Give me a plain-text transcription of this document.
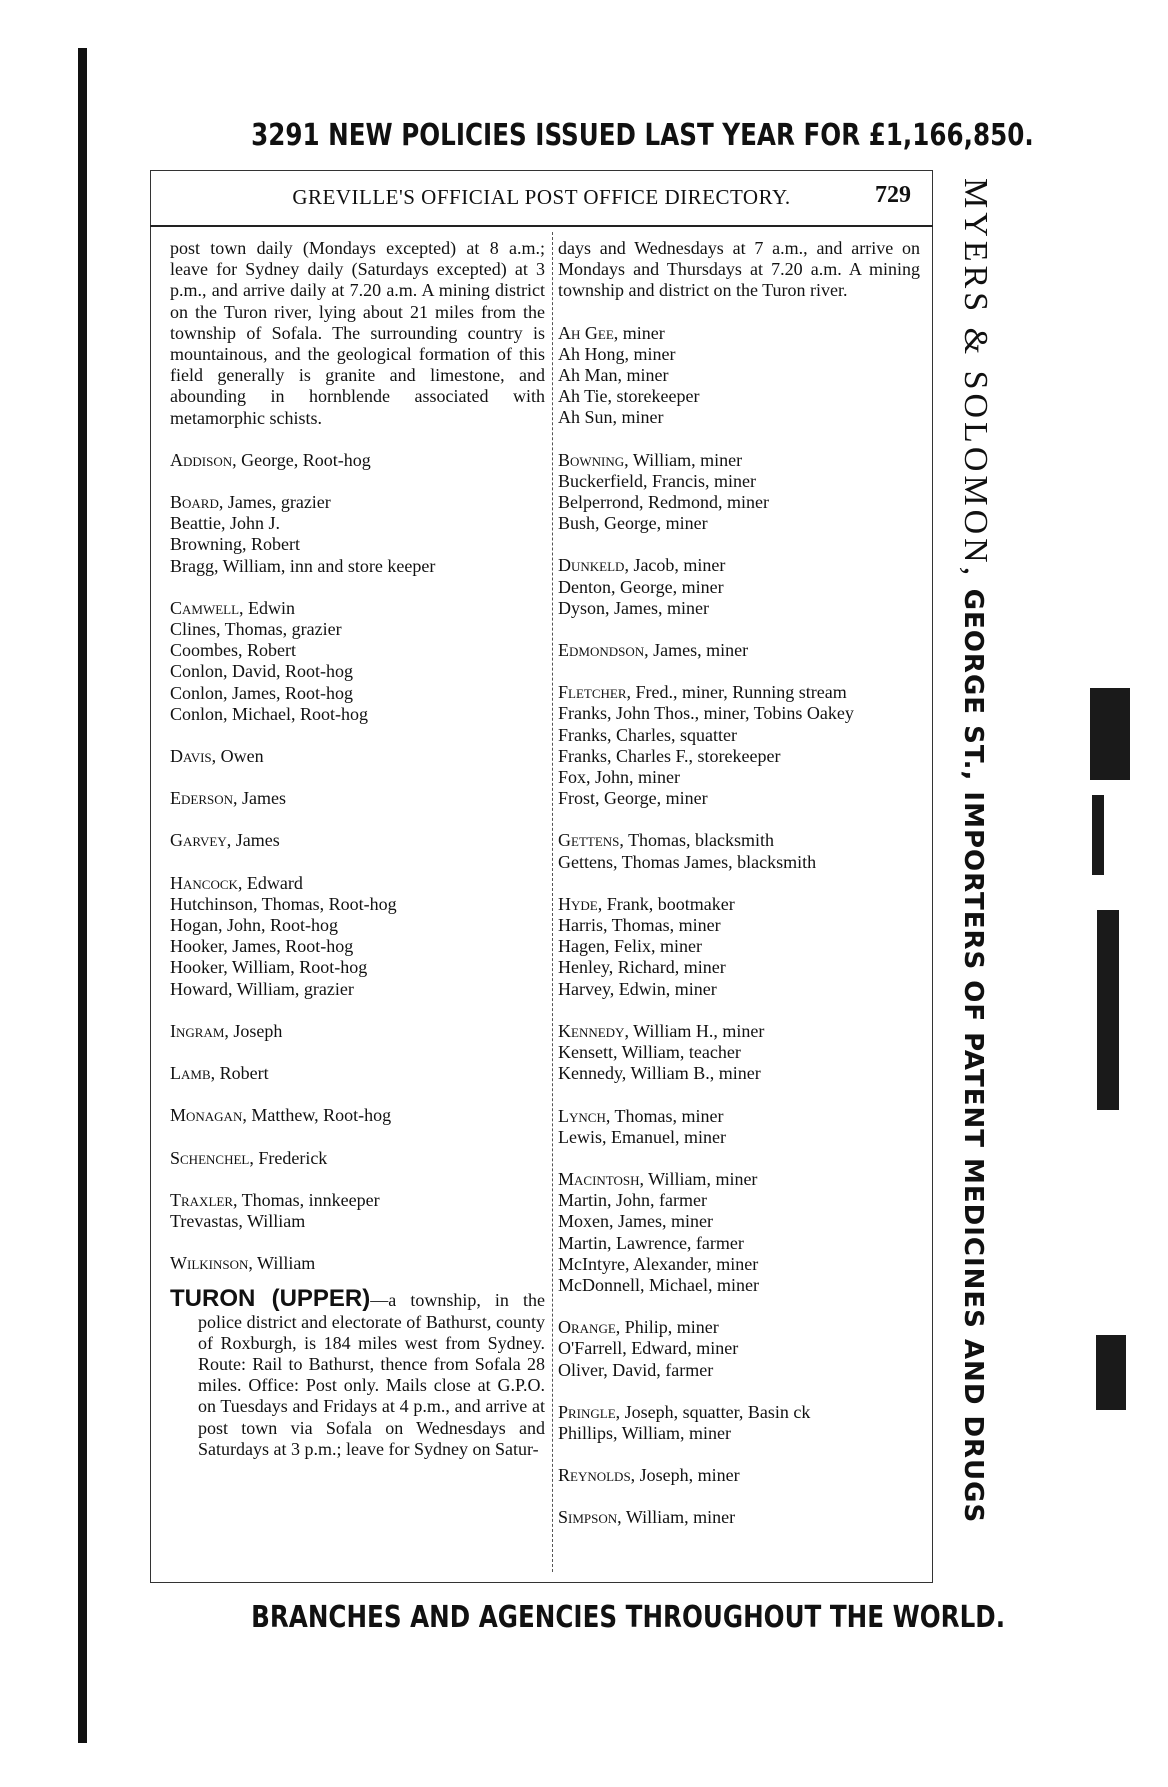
3291 NEW POLICIES ISSUED LAST YEAR FOR £1,166,850.
GREVILLE'S OFFICIAL POST OFFICE DIRECTORY.	729

post town daily (Mondays excepted) at 8 a.m.; leave for Sydney daily (Saturdays excepted) at 3 p.m., and arrive daily at 7.20 a.m. A mining district on the Turon river, lying about 21 miles from the township of Sofala. The surrounding country is mountainous, and the geological formation of this field generally is granite and limestone, and abounding in hornblende associated with metamorphic schists.

Addison, George, Root-hog

Board, James, grazier

Beattie, John J.

Browning, Robert

Bragg, William, inn and store keeper

Camwell, Edwin

Clines, Thomas, grazier

Coombes, Robert

Conlon, David, Root-hog

Conlon, James, Root-hog

Conlon, Michael, Root-hog

Davis, Owen

Ederson, James

Garvey, James

Hancock, Edward

Hutchinson, Thomas, Root-hog

Hogan, John, Root-hog

Hooker, James, Root-hog

Hooker, William, Root-hog

Howard, William, grazier

Ingram, Joseph

Lamb, Robert

Monagan, Matthew, Root-hog

Schenchel, Frederick

Traxler, Thomas, innkeeper

Trevastas, William

Wilkinson, William

TURON (UPPER)—a township, in the police district and electorate of Bathurst, county of Roxburgh, is 184 miles west from Sydney. Route: Rail to Bathurst, thence from Sofala 28 miles. Office: Post only. Mails close at G.P.O. on Tuesdays and Fridays at 4 p.m., and arrive at post town via Sofala on Wednesdays and Saturdays at 3 p.m.; leave for Sydney on Satur-

days and Wednesdays at 7 a.m., and arrive on Mondays and Thursdays at 7.20 a.m. A mining township and district on the Turon river.

Ah Gee, miner

Ah Hong, miner

Ah Man, miner

Ah Tie, storekeeper

Ah Sun, miner

Bowning, William, miner

Buckerfield, Francis, miner

Belperrond, Redmond, miner

Bush, George, miner

Dunkeld, Jacob, miner

Denton, George, miner

Dyson, James, miner

Edmondson, James, miner

Fletcher, Fred., miner, Running stream

Franks, John Thos., miner, Tobins Oakey

Franks, Charles, squatter

Franks, Charles F., storekeeper

Fox, John, miner

Frost, George, miner

Gettens, Thomas, blacksmith

Gettens, Thomas James, blacksmith

Hyde, Frank, bootmaker

Harris, Thomas, miner

Hagen, Felix, miner

Henley, Richard, miner

Harvey, Edwin, miner

Kennedy, William H., miner

Kensett, William, teacher

Kennedy, William B., miner

Lynch, Thomas, miner

Lewis, Emanuel, miner

Macintosh, William, miner

Martin, John, farmer

Moxen, James, miner

Martin, Lawrence, farmer

McIntyre, Alexander, miner

McDonnell, Michael, miner

Orange, Philip, miner

O'Farrell, Edward, miner

Oliver, David, farmer

Pringle, Joseph, squatter, Basin ck

Phillips, William, miner

Reynolds, Joseph, miner

Simpson, William, miner

MYERS & SOLOMON, GEORGE ST., IMPORTERS OF PATENT MEDICINES AND DRUGS
BRANCHES AND AGENCIES THROUGHOUT THE WORLD.
